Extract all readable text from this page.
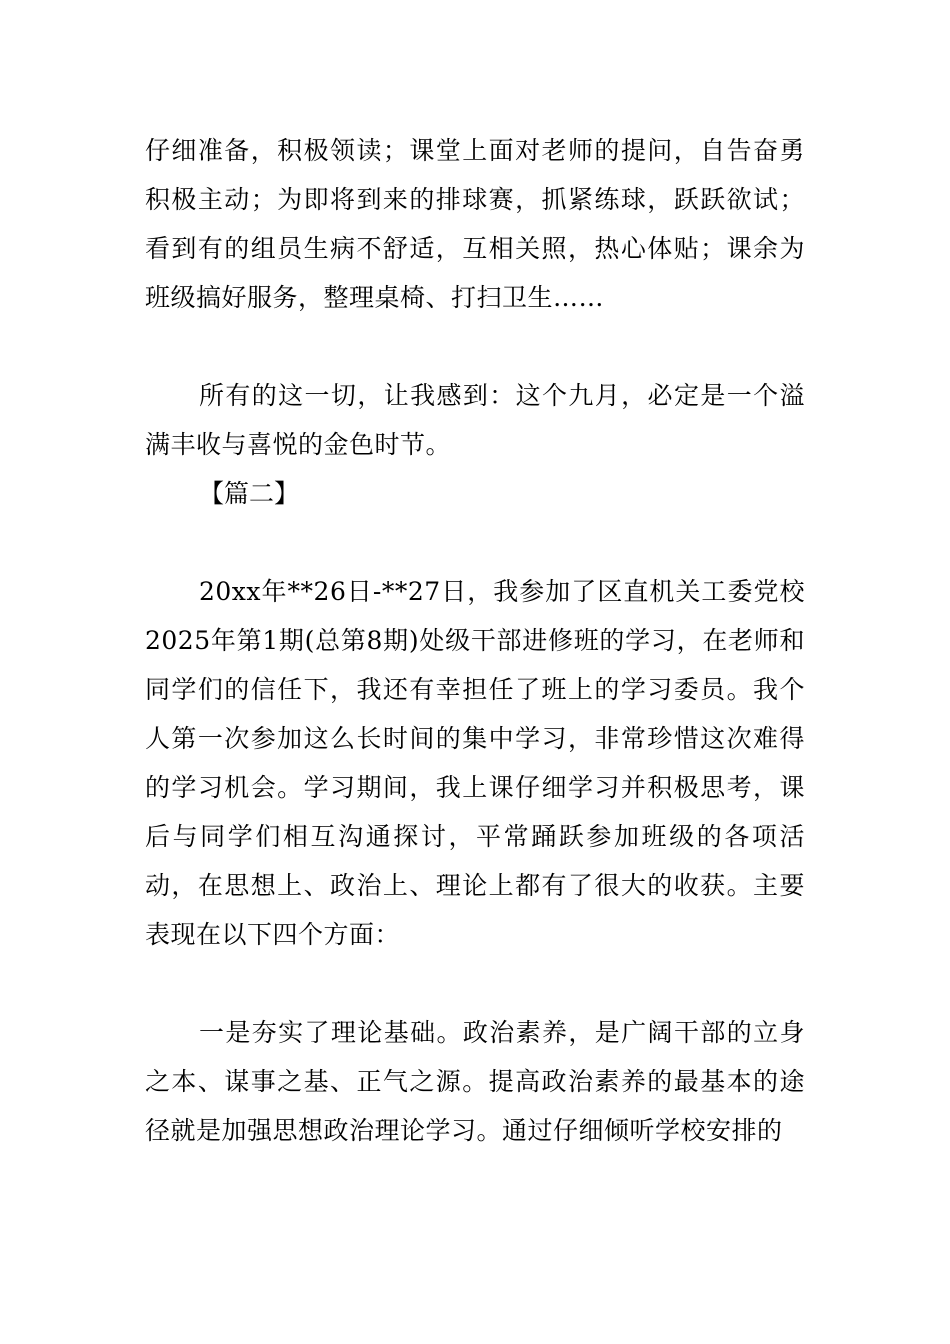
仔细准备，积极领读；课堂上面对老师的提问，自告奋勇积极主动；为即将到来的排球赛，抓紧练球，跃跃欲试；看到有的组员生病不舒适，互相关照，热心体贴；课余为班级搞好服务，整理桌椅、打扫卫生……

所有的这一切，让我感到：这个九月，必定是一个溢满丰收与喜悦的金色时节。

【篇二】

20xx年**26日-**27日，我参加了区直机关工委党校2025年第1期(总第8期)处级干部进修班的学习，在老师和同学们的信任下，我还有幸担任了班上的学习委员。我个人第一次参加这么长时间的集中学习，非常珍惜这次难得的学习机会。学习期间，我上课仔细学习并积极思考，课后与同学们相互沟通探讨，平常踊跃参加班级的各项活动，在思想上、政治上、理论上都有了很大的收获。主要表现在以下四个方面：

一是夯实了理论基础。政治素养，是广阔干部的立身之本、谋事之基、正气之源。提高政治素养的最基本的途径就是加强思想政治理论学习。通过仔细倾听学校安排的
